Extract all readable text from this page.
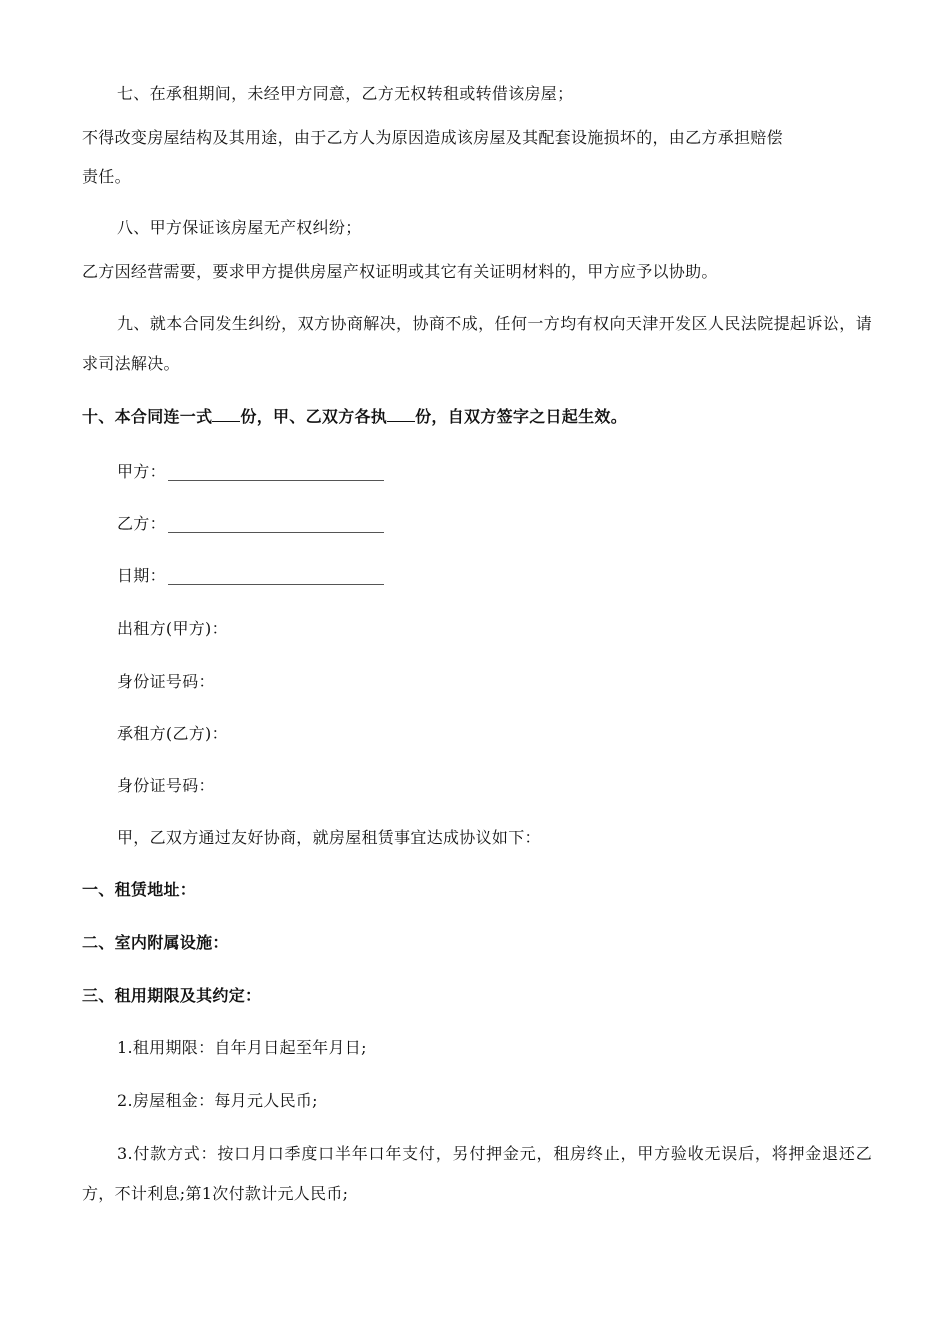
七、在承租期间，未经甲方同意，乙方无权转租或转借该房屋；
不得改变房屋结构及其用途，由于乙方人为原因造成该房屋及其配套设施损坏的，由乙方承担赔偿
责任。
八、甲方保证该房屋无产权纠纷；
乙方因经营需要，要求甲方提供房屋产权证明或其它有关证明材料的，甲方应予以协助。
九、就本合同发生纠纷，双方协商解决，协商不成，任何一方均有权向天津开发区人民法院提起诉讼，请求司法解决。
十、本合同连一式 份，甲、乙双方各执 份，自双方签字之日起生效。
甲方：
乙方：
日期：
出租方(甲方)：
身份证号码：
承租方(乙方)：
身份证号码：
甲，乙双方通过友好协商，就房屋租赁事宜达成协议如下：
一、租赁地址：
二、室内附属设施：
三、租用期限及其约定：
1.租用期限：自年月日起至年月日;
2.房屋租金：每月元人民币;
3.付款方式：按口月口季度口半年口年支付，另付押金元，租房终止，甲方验收无误后，将押金退还乙方，不计利息;第1次付款计元人民币;
